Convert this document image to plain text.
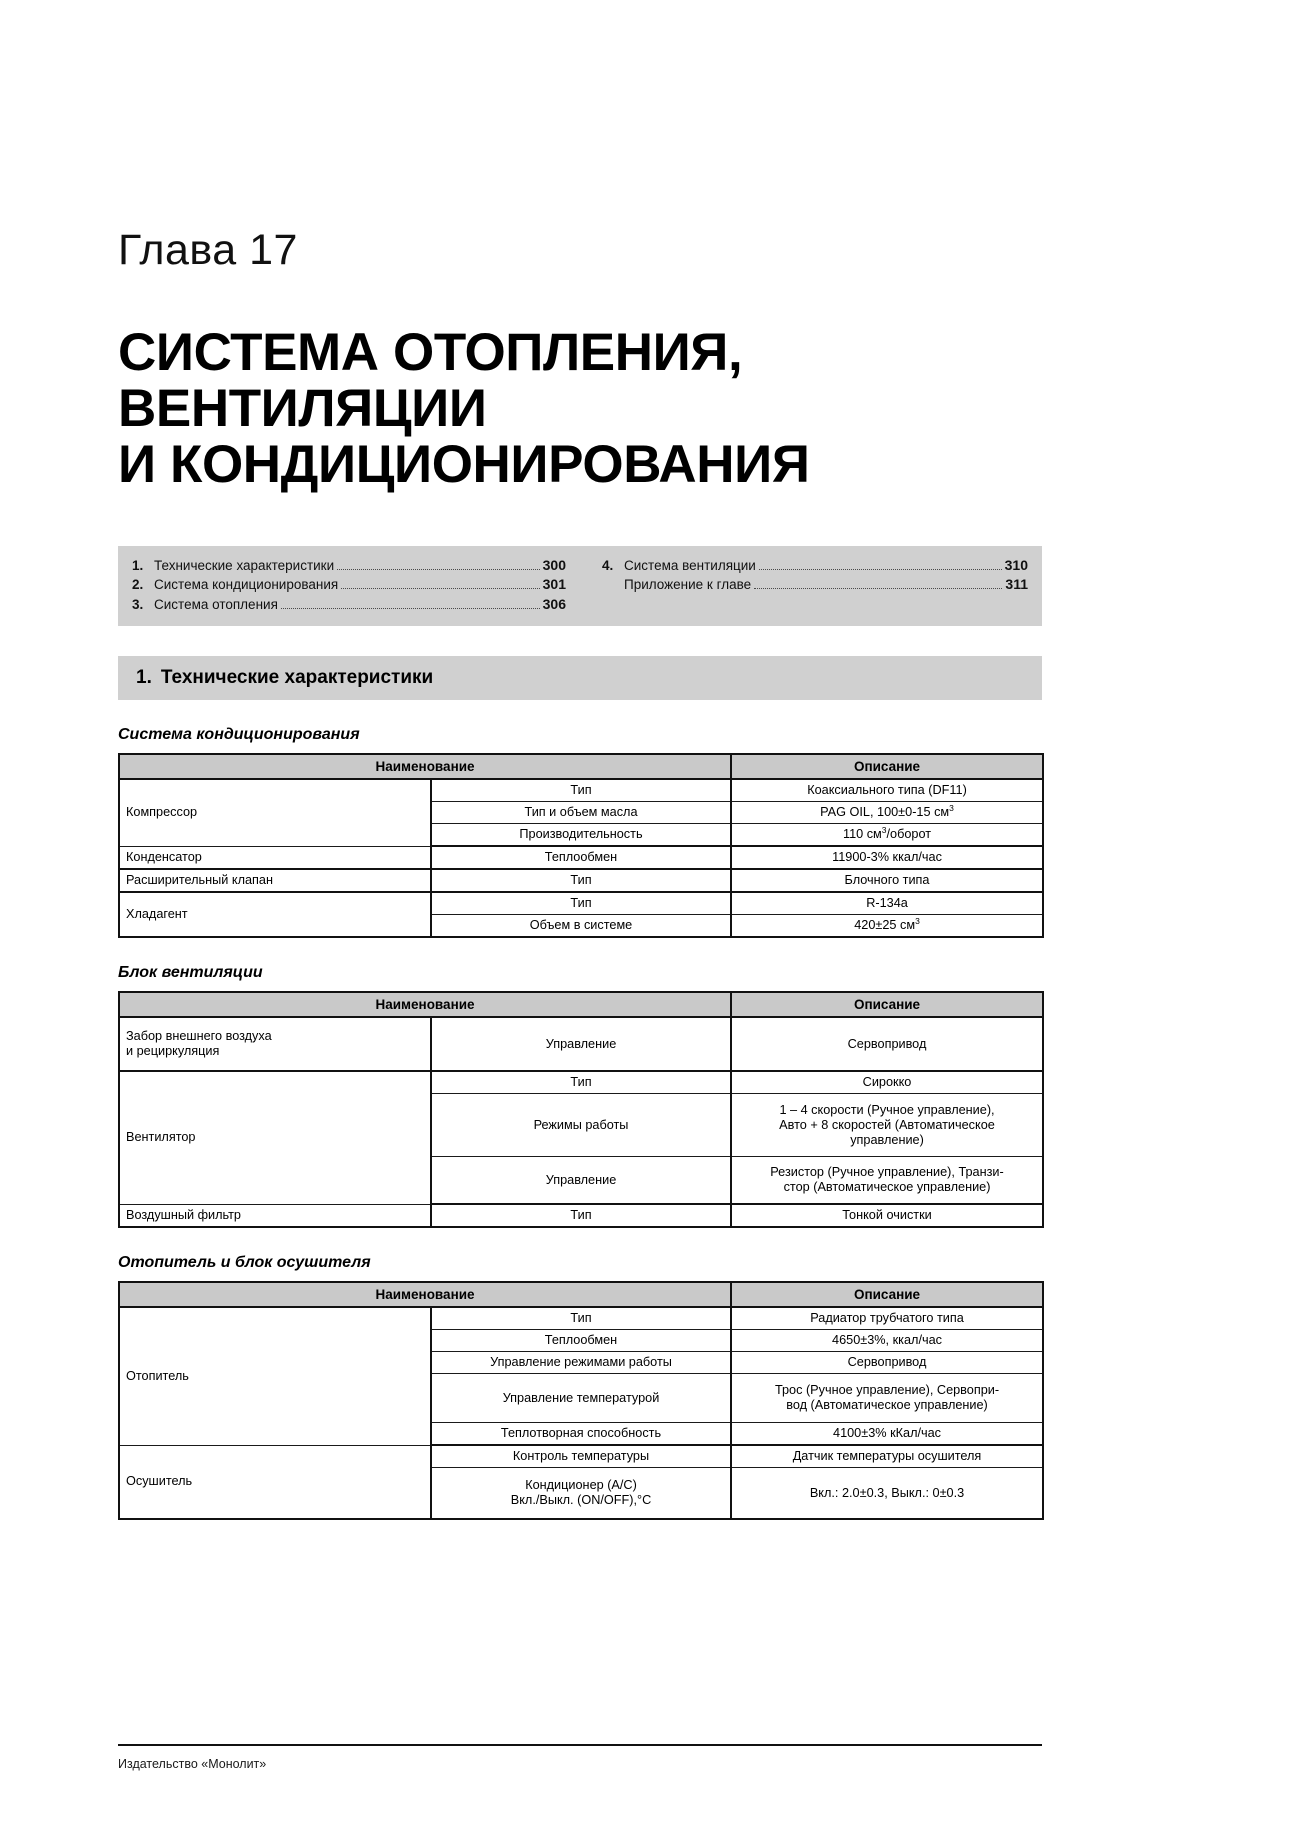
Глава 17
СИСТЕМА ОТОПЛЕНИЯ,
ВЕНТИЛЯЦИИ
И КОНДИЦИОНИРОВАНИЯ
1. Технические характеристики	300
2. Система кондиционирования	301
3. Система отопления	306
4. Система вентиляции	310
Приложение к главе	311
1. Технические характеристики
Система кондиционирования
Наименование		Описание
Компрессор	Тип	Коаксиального типа (DF11)
	Тип и объем масла	PAG OIL, 100±0-15 $см^3$
	Производительность	110 $см^3$/оборот
Конденсатор	Теплообмен	11900-3% ккал/час
Расширительный клапан	Тип	Блочного типа
Хладагент	Тип	R-134a
	Объем в системе	420±25 $см^3$
Блок вентиляции
Наименование		Описание
Забор внешнего воздуха
и рециркуляция	Управление	Сервопривод
Вентилятор	Тип	Сирокко
	Режимы работы	1 – 4 скорости (Ручное управление),
Авто + 8 скоростей (Автоматическое
управление)
	Управление	Резистор (Ручное управление), Транзи-
стор (Автоматическое управление)
Воздушный фильтр	Тип	Тонкой очистки
Отопитель и блок осушителя
Наименование		Описание
Отопитель	Тип	Радиатор трубчатого типа
	Теплообмен	4650±3%, ккал/час
	Управление режимами работы	Сервопривод
	Управление температурой	Трос (Ручное управление), Сервопри-
вод (Автоматическое управление)
	Теплотворная способность	4100±3% кКал/час
Осушитель	Контроль температуры	Датчик температуры осушителя
	Кондиционер (A/C)
Вкл./Выкл. (ON/OFF),°С	Вкл.: 2.0±0.3, Выкл.: 0±0.3
Издательство «Монолит»
